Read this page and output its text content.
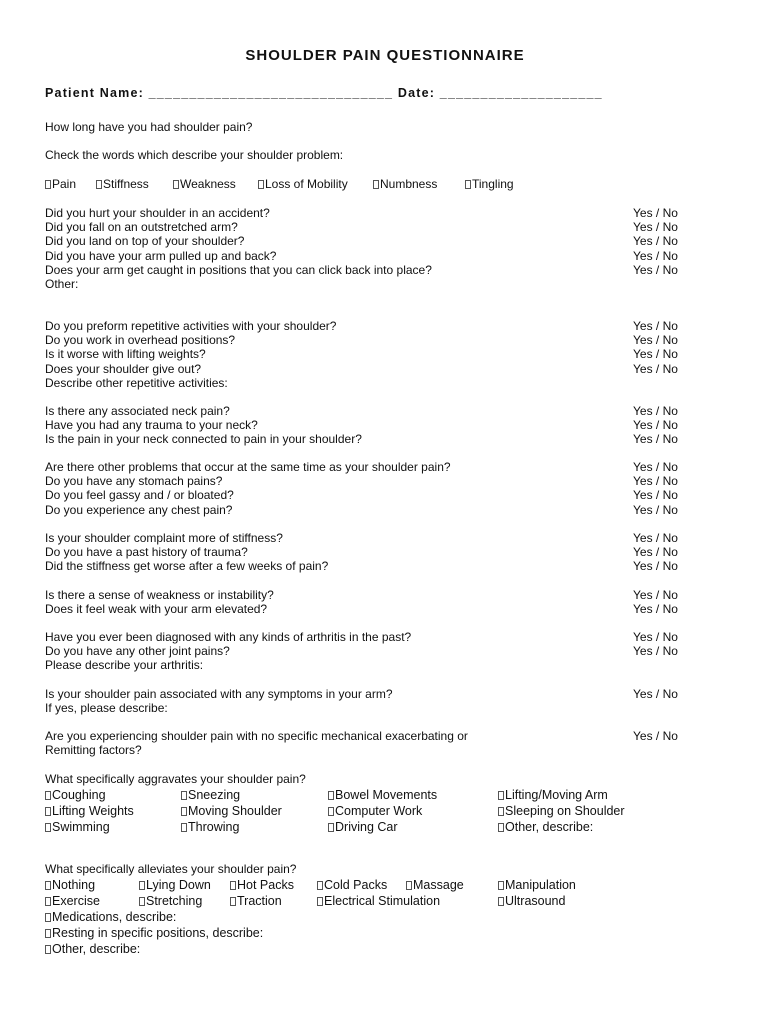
SHOULDER PAIN QUESTIONNAIRE
Patient Name: ______________________________ Date: ____________________
How long have you had shoulder pain?
Check the words which describe your shoulder problem:
Pain	Stiffness	Weakness	Loss of Mobility	Numbness	Tingling
Did you hurt your shoulder in an accident?	Yes / No
Did you fall on an outstretched arm?	Yes / No
Did you land on top of your shoulder?	Yes / No
Did you have your arm pulled up and back?	Yes / No
Does your arm get caught in positions that you can click back into place?	Yes / No
Other:
Do you preform repetitive activities with your shoulder?	Yes / No
Do you work in overhead positions?	Yes / No
Is it worse with lifting weights?	Yes / No
Does your shoulder give out?	Yes / No
Describe other repetitive activities:
Is there any associated neck pain?	Yes / No
Have you had any trauma to your neck?	Yes / No
Is the pain in your neck connected to pain in your shoulder?	Yes / No
Are there other problems that occur at the same time as your shoulder pain?	Yes / No
Do you have any stomach pains?	Yes / No
Do you feel gassy and / or bloated?	Yes / No
Do you experience any chest pain?	Yes / No
Is your shoulder complaint more of stiffness?	Yes / No
Do you have a past history of trauma?	Yes / No
Did the stiffness get worse after a few weeks of pain?	Yes / No
Is there a sense of weakness or instability?	Yes / No
Does it feel weak with your arm elevated?	Yes / No
Have you ever been diagnosed with any kinds of arthritis in the past?	Yes / No
Do you have any other joint pains?	Yes / No
Please describe your arthritis:
Is your shoulder pain associated with any symptoms in your arm?	Yes / No
If yes, please describe:
Are you experiencing shoulder pain with no specific mechanical exacerbating or	Yes / No
Remitting factors?
What specifically aggravates your shoulder pain?
Coughing	Sneezing	Bowel Movements	Lifting/Moving Arm
Lifting Weights	Moving Shoulder	Computer Work	Sleeping on Shoulder
Swimming	Throwing	Driving Car	Other, describe:
What specifically alleviates your shoulder pain?
Nothing	Lying Down	Hot Packs	Cold Packs	Massage	Manipulation
Exercise	Stretching	Traction	Electrical Stimulation	Ultrasound
Medications, describe:
Resting in specific positions, describe:
Other, describe:
